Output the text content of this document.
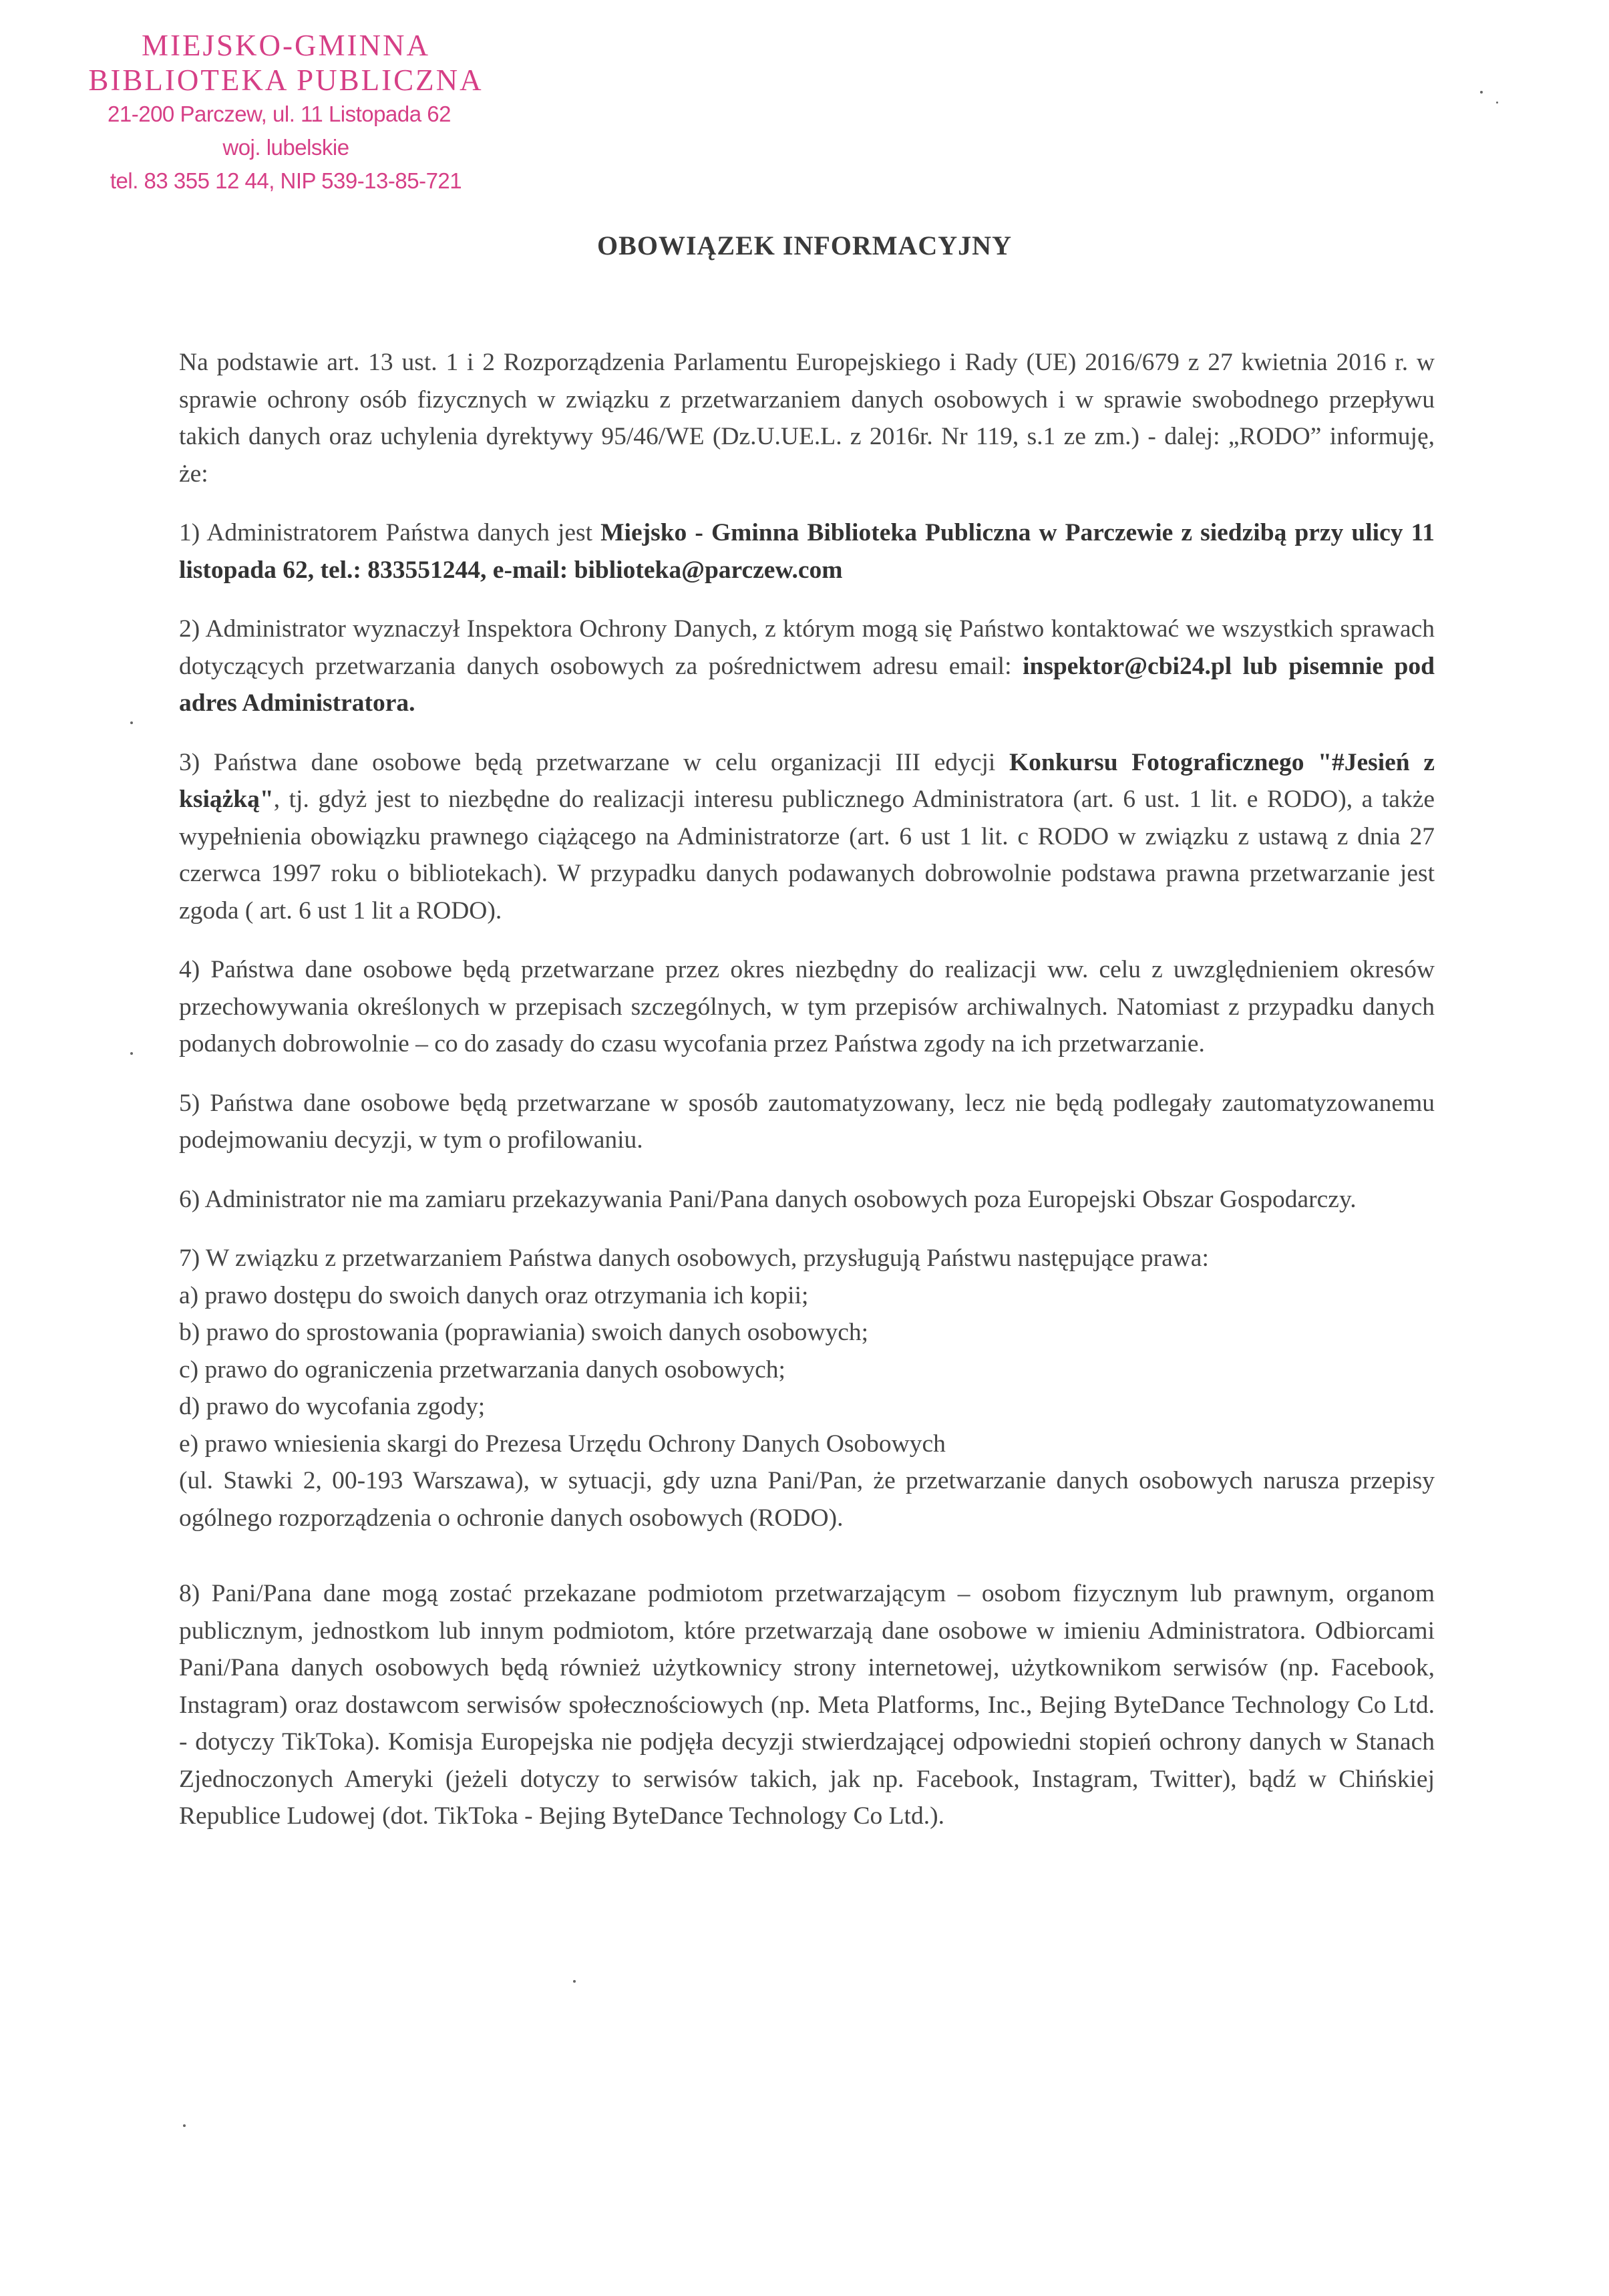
MIEJSKO-GMINNA
BIBLIOTEKA PUBLICZNA
21-200 Parczew, ul. 11 Listopada 62
woj. lubelskie
tel. 83 355 12 44, NIP 539-13-85-721
OBOWIĄZEK INFORMACYJNY

Na podstawie art. 13 ust. 1 i 2 Rozporządzenia Parlamentu Europejskiego i Rady (UE) 2016/679 z 27 kwietnia 2016 r. w sprawie ochrony osób fizycznych w związku z przetwarzaniem danych osobowych i w sprawie swobodnego przepływu takich danych oraz uchylenia dyrektywy 95/46/WE (Dz.U.UE.L. z 2016r. Nr 119, s.1 ze zm.) - dalej: „RODO” informuję, że:

1) Administratorem Państwa danych jest Miejsko - Gminna Biblioteka Publiczna w Parczewie z siedzibą przy ulicy 11 listopada 62, tel.: 833551244, e-mail: biblioteka@parczew.com

2) Administrator wyznaczył Inspektora Ochrony Danych, z którym mogą się Państwo kontaktować we wszystkich sprawach dotyczących przetwarzania danych osobowych za pośrednictwem adresu email: inspektor@cbi24.pl lub pisemnie pod adres Administratora.

3) Państwa dane osobowe będą przetwarzane w celu organizacji III edycji Konkursu Fotograficznego "#Jesień z książką", tj. gdyż jest to niezbędne do realizacji interesu publicznego Administratora (art. 6 ust. 1 lit. e RODO), a także wypełnienia obowiązku prawnego ciążącego na Administratorze (art. 6 ust 1 lit. c RODO w związku z ustawą z dnia 27 czerwca 1997 roku o bibliotekach). W przypadku danych podawanych dobrowolnie podstawa prawna przetwarzanie jest zgoda ( art. 6 ust 1 lit a RODO).

4) Państwa dane osobowe będą przetwarzane przez okres niezbędny do realizacji ww. celu z uwzględnieniem okresów przechowywania określonych w przepisach szczególnych, w tym przepisów archiwalnych. Natomiast z przypadku danych podanych dobrowolnie – co do zasady do czasu wycofania przez Państwa zgody na ich przetwarzanie.

5) Państwa dane osobowe będą przetwarzane w sposób zautomatyzowany, lecz nie będą podlegały zautomatyzowanemu podejmowaniu decyzji, w tym o profilowaniu.

6) Administrator nie ma zamiaru przekazywania Pani/Pana danych osobowych poza Europejski Obszar Gospodarczy.

7) W związku z przetwarzaniem Państwa danych osobowych, przysługują Państwu następujące prawa:

a) prawo dostępu do swoich danych oraz otrzymania ich kopii;
b) prawo do sprostowania (poprawiania) swoich danych osobowych;
c) prawo do ograniczenia przetwarzania danych osobowych;
d) prawo do wycofania zgody;
e) prawo wniesienia skargi do Prezesa Urzędu Ochrony Danych Osobowych

(ul. Stawki 2, 00-193 Warszawa), w sytuacji, gdy uzna Pani/Pan, że przetwarzanie danych osobowych narusza przepisy ogólnego rozporządzenia o ochronie danych osobowych (RODO).

8) Pani/Pana dane mogą zostać przekazane podmiotom przetwarzającym – osobom fizycznym lub prawnym, organom publicznym, jednostkom lub innym podmiotom, które przetwarzają dane osobowe w imieniu Administratora. Odbiorcami Pani/Pana danych osobowych będą również użytkownicy strony internetowej, użytkownikom serwisów (np. Facebook, Instagram) oraz dostawcom serwisów społecznościowych (np. Meta Platforms, Inc., Bejing ByteDance Technology Co Ltd. - dotyczy TikToka). Komisja Europejska nie podjęła decyzji stwierdzającej odpowiedni stopień ochrony danych w Stanach Zjednoczonych Ameryki (jeżeli dotyczy to serwisów takich, jak np. Facebook, Instagram, Twitter), bądź w Chińskiej Republice Ludowej (dot. TikToka - Bejing ByteDance Technology Co Ltd.).
